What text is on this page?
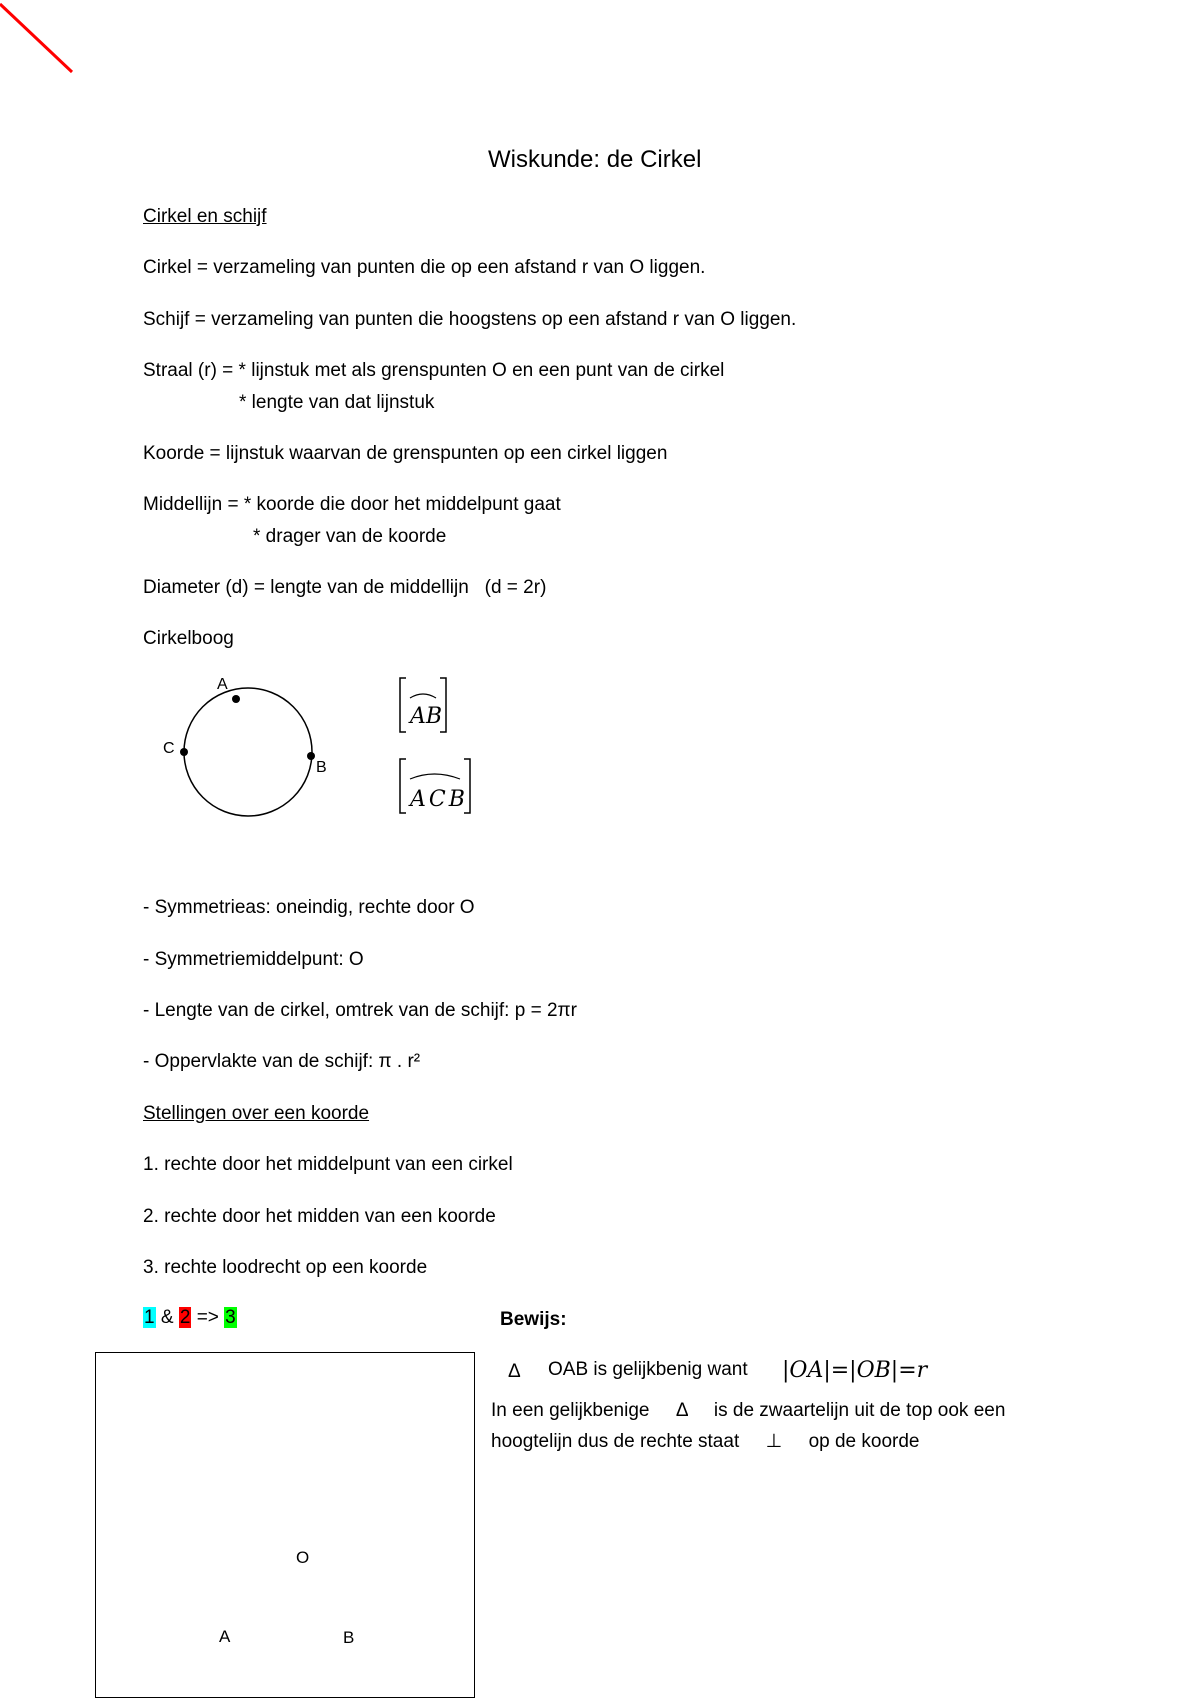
Wiskunde: de Cirkel
Cirkel en schijf
Cirkel = verzameling van punten die op een afstand r van O liggen.
Schijf = verzameling van punten die hoogstens op een afstand r van O liggen.
Straal (r) = * lijnstuk met als grenspunten O en een punt van de cirkel
* lengte van dat lijnstuk
Koorde = lijnstuk waarvan de grenspunten op een cirkel liggen
Middellijn = * koorde die door het middelpunt gaat
* drager van de koorde
Diameter (d) = lengte van de middellijn   (d = 2r)
Cirkelboog
A
B
C
AB
ACB
- Symmetrieas: oneindig, rechte door O
- Symmetriemiddelpunt: O
- Lengte van de cirkel, omtrek van de schijf: p = 2πr
- Oppervlakte van de schijf: π . r²
Stellingen over een koorde
1. rechte door het middelpunt van een cirkel
2. rechte door het midden van een koorde
3. rechte loodrecht op een koorde
1 & 2 => 3	Bewijs:
O
A	B
Δ OAB is gelijkbenig want |OA|=|OB|=r
In een gelijkbenige     Δ     is de zwaartelijn uit de top ook een
hoogtelijn dus de rechte staat     ⊥     op de koorde
